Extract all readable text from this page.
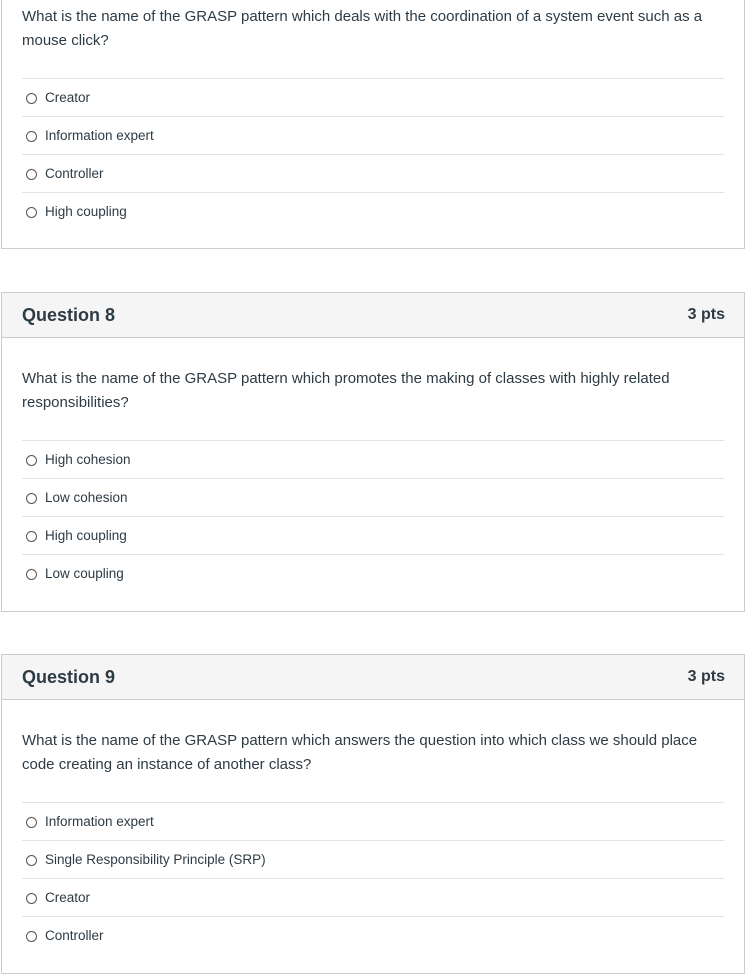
What is the name of the GRASP pattern which deals with the coordination of a system event such as a mouse click?

Creator
Information expert
Controller
High coupling
Question 8	3 pts

What is the name of the GRASP pattern which promotes the making of classes with highly related responsibilities?

High cohesion
Low cohesion
High coupling
Low coupling
Question 9	3 pts

What is the name of the GRASP pattern which answers the question into which class we should place code creating an instance of another class?

Information expert
Single Responsibility Principle (SRP)
Creator
Controller
